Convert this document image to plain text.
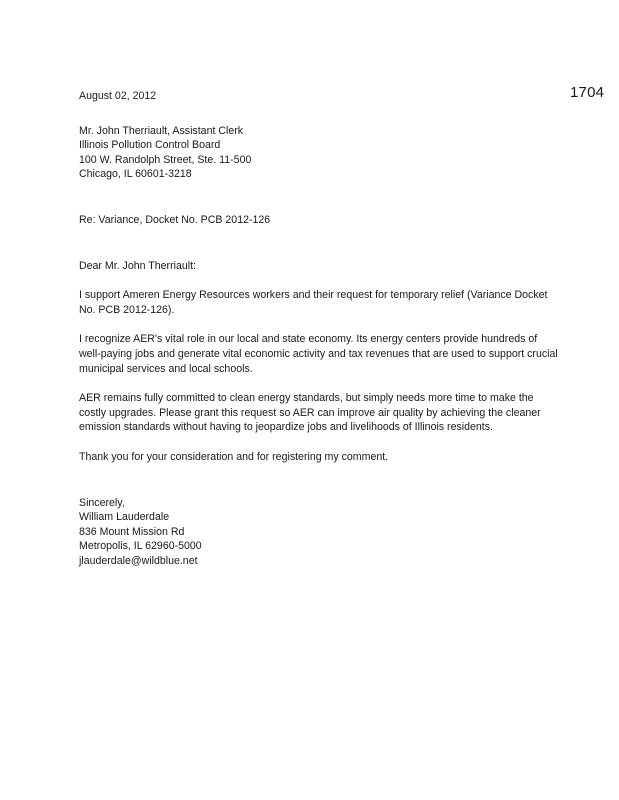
1704
August 02, 2012
Mr. John Therriault, Assistant Clerk
Illinois Pollution Control Board
100 W. Randolph Street, Ste. 11-500
Chicago, IL 60601-3218
Re: Variance, Docket No. PCB 2012-126
Dear Mr. John Therriault:

I support Ameren Energy Resources workers and their request for temporary relief (Variance Docket No. PCB 2012-126).

I recognize AER's vital role in our local and state economy. Its energy centers provide hundreds of well-paying jobs and generate vital economic activity and tax revenues that are used to support crucial municipal services and local schools.

AER remains fully committed to clean energy standards, but simply needs more time to make the costly upgrades. Please grant this request so AER can improve air quality by achieving the cleaner emission standards without having to jeopardize jobs and livelihoods of Illinois residents.

Thank you for your consideration and for registering my comment.

Sincerely,
William Lauderdale
836 Mount Mission Rd
Metropolis, IL 62960-5000
jlauderdale@wildblue.net
